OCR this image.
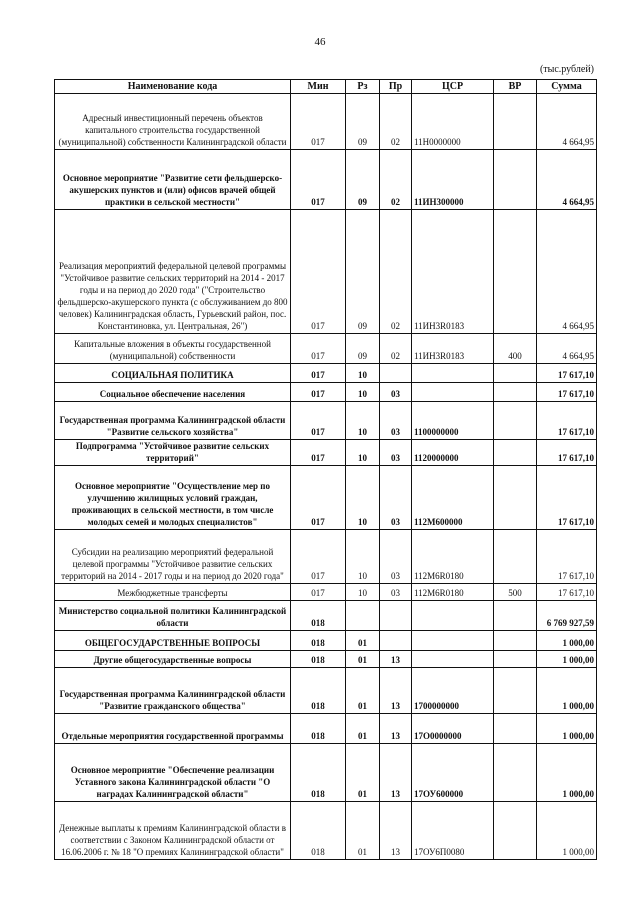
46
(тыс.рублей)
Наименование кода	Мин	Рз	Пр	ЦСР	ВР	Сумма
Адресный инвестиционный перечень объектов капитального строительства государственной (муниципальной) собственности Калининградской области	017	09	02	11Н0000000		4 664,95
Основное мероприятие "Развитие сети фельдшерско-акушерских пунктов и (или) офисов врачей общей практики в сельской местности"	017	09	02	11ИН300000		4 664,95
Реализация мероприятий федеральной целевой программы "Устойчивое развитие сельских территорий на 2014 - 2017 годы и на период до 2020 года" ("Строительство фельдшерско-акушерского пункта (с обслуживанием до 800 человек) Калининградская область, Гурьевский район, пос. Константиновка, ул. Центральная, 26")	017	09	02	11ИН3R0183		4 664,95
Капитальные вложения в объекты государственной (муниципальной) собственности	017	09	02	11ИН3R0183	400	4 664,95
СОЦИАЛЬНАЯ ПОЛИТИКА	017	10				17 617,10
Социальное обеспечение населения	017	10	03			17 617,10
Государственная программа Калининградской области "Развитие сельского хозяйства"	017	10	03	1100000000		17 617,10
Подпрограмма "Устойчивое развитие сельских территорий"	017	10	03	1120000000		17 617,10
Основное мероприятие "Осуществление мер по улучшению жилищных условий граждан, проживающих в сельской местности, в том числе молодых семей и молодых специалистов"	017	10	03	112М600000		17 617,10
Субсидии на реализацию мероприятий федеральной целевой программы "Устойчивое развитие сельских территорий на 2014 - 2017 годы и на период до 2020 года"	017	10	03	112М6R0180		17 617,10
Межбюджетные трансферты	017	10	03	112М6R0180	500	17 617,10
Министерство социальной политики Калининградской области	018					6 769 927,59
ОБЩЕГОСУДАРСТВЕННЫЕ ВОПРОСЫ	018	01				1 000,00
Другие общегосударственные вопросы	018	01	13			1 000,00
Государственная программа Калининградской области "Развитие гражданского общества"	018	01	13	1700000000		1 000,00
Отдельные мероприятия государственной программы	018	01	13	17О0000000		1 000,00
Основное мероприятие "Обеспечение реализации Уставного закона Калининградской области "О наградах Калининградской области"	018	01	13	17ОУ600000		1 000,00
Денежные выплаты к премиям Калининградской области в соответствии с Законом Калининградской области от 16.06.2006 г. № 18 "О премиях Калининградской области"	018	01	13	17ОУ6П0080		1 000,00
